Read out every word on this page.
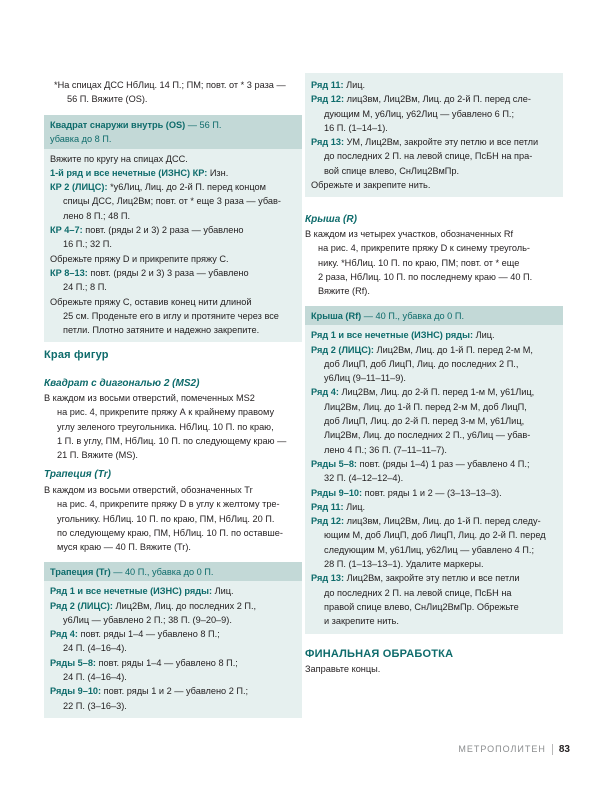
*На спицах ДСС НбЛиц. 14 П.; ПМ; повт. от * 3 раза —
56 П. Вяжите (OS).

Квадрат снаружи внутрь (OS) — 56 П.
убавка до 8 П.

Вяжите по кругу на спицах ДСС.

1-й ряд и все нечетные (ИЗНС) КР: Изн.

КР 2 (ЛИЦС): *у6Лиц, Лиц. до 2-й П. перед концом
спицы ДСС, Лиц2Вм; повт. от * еще 3 раза — убав-
лено 8 П.; 48 П.

КР 4–7: повт. (ряды 2 и 3) 2 раза — убавлено
16 П.; 32 П.

Обрежьте пряжу D и прикрепите пряжу С.

КР 8–13: повт. (ряды 2 и 3) 3 раза — убавлено
24 П.; 8 П.

Обрежьте пряжу С, оставив конец нити длиной
25 см. Проденьте его в иглу и протяните через все
петли. Плотно затяните и надежно закрепите.

Края фигур
Квадрат с диагональю 2 (MS2)

В каждом из восьми отверстий, помеченных MS2
на рис. 4, прикрепите пряжу А к крайнему правому
углу зеленого треугольника. НбЛиц. 10 П. по краю,
1 П. в углу, ПМ, НбЛиц. 10 П. по следующему краю —
21 П. Вяжите (MS).

Трапеция (Tr)

В каждом из восьми отверстий, обозначенных Tr
на рис. 4, прикрепите пряжу D в углу к желтому тре-
угольнику. НбЛиц. 10 П. по краю, ПМ, НбЛиц. 20 П.
по следующему краю, ПМ, НбЛиц. 10 П. по оставше-
муся краю — 40 П. Вяжите (Tr).

Трапеция (Tr) — 40 П., убавка до 0 П.

Ряд 1 и все нечетные (ИЗНС) ряды: Лиц.

Ряд 2 (ЛИЦС): Лиц2Вм, Лиц. до последних 2 П.,
у6Лиц — убавлено 2 П.; 38 П. (9–20–9).

Ряд 4: повт. ряды 1–4 — убавлено 8 П.;
24 П. (4–16–4).

Ряды 5–8: повт. ряды 1–4 — убавлено 8 П.;
24 П. (4–16–4).

Ряды 9–10: повт. ряды 1 и 2 — убавлено 2 П.;
22 П. (3–16–3).

Ряд 11: Лиц.

Ряд 12: лиц3вм, Лиц2Вм, Лиц. до 2-й П. перед сле-
дующим М, у6Лиц, у62Лиц — убавлено 6 П.;
16 П. (1–14–1).

Ряд 13: УМ, Лиц2Вм, закройте эту петлю и все петли
до последних 2 П. на левой спице, ПсБН на пра-
вой спице влево, СнЛиц2ВмПр.

Обрежьте и закрепите нить.

Крыша (R)

В каждом из четырех участков, обозначенных Rf
на рис. 4, прикрепите пряжу D к синему треуголь-
нику. *НбЛиц. 10 П. по краю, ПМ; повт. от * еще
2 раза, НбЛиц. 10 П. по последнему краю — 40 П.
Вяжите (Rf).

Крыша (Rf) — 40 П., убавка до 0 П.

Ряд 1 и все нечетные (ИЗНС) ряды: Лиц.

Ряд 2 (ЛИЦС): Лиц2Вм, Лиц. до 1-й П. перед 2-м М,
доб ЛицП, доб ЛицП, Лиц. до последних 2 П.,
у6Лиц (9–11–11–9).

Ряд 4: Лиц2Вм, Лиц. до 2-й П. перед 1-м М, у61Лиц,
Лиц2Вм, Лиц. до 1-й П. перед 2-м М, доб ЛицП,
доб ЛицП, Лиц. до 2-й П. перед 3-м М, у61Лиц,
Лиц2Вм, Лиц. до последних 2 П., у6Лиц — убав-
лено 4 П.; 36 П. (7–11–11–7).

Ряды 5–8: повт. (ряды 1–4) 1 раз — убавлено 4 П.;
32 П. (4–12–12–4).

Ряды 9–10: повт. ряды 1 и 2 — (3–13–13–3).

Ряд 11: Лиц.

Ряд 12: лиц3вм, Лиц2Вм, Лиц. до 1-й П. перед следу-
ющим М, доб ЛицП, доб ЛицП, Лиц. до 2-й П. перед
следующим М, у61Лиц, у62Лиц — убавлено 4 П.;
28 П. (1–13–13–1). Удалите маркеры.

Ряд 13: Лиц2Вм, закройте эту петлю и все петли
до последних 2 П. на левой спице, ПсБН на
правой спице влево, СнЛиц2ВмПр. Обрежьте
и закрепите нить.

ФИНАЛЬНАЯ ОБРАБОТКА

Заправьте концы.

МЕТРОПОЛИТЕН 83
